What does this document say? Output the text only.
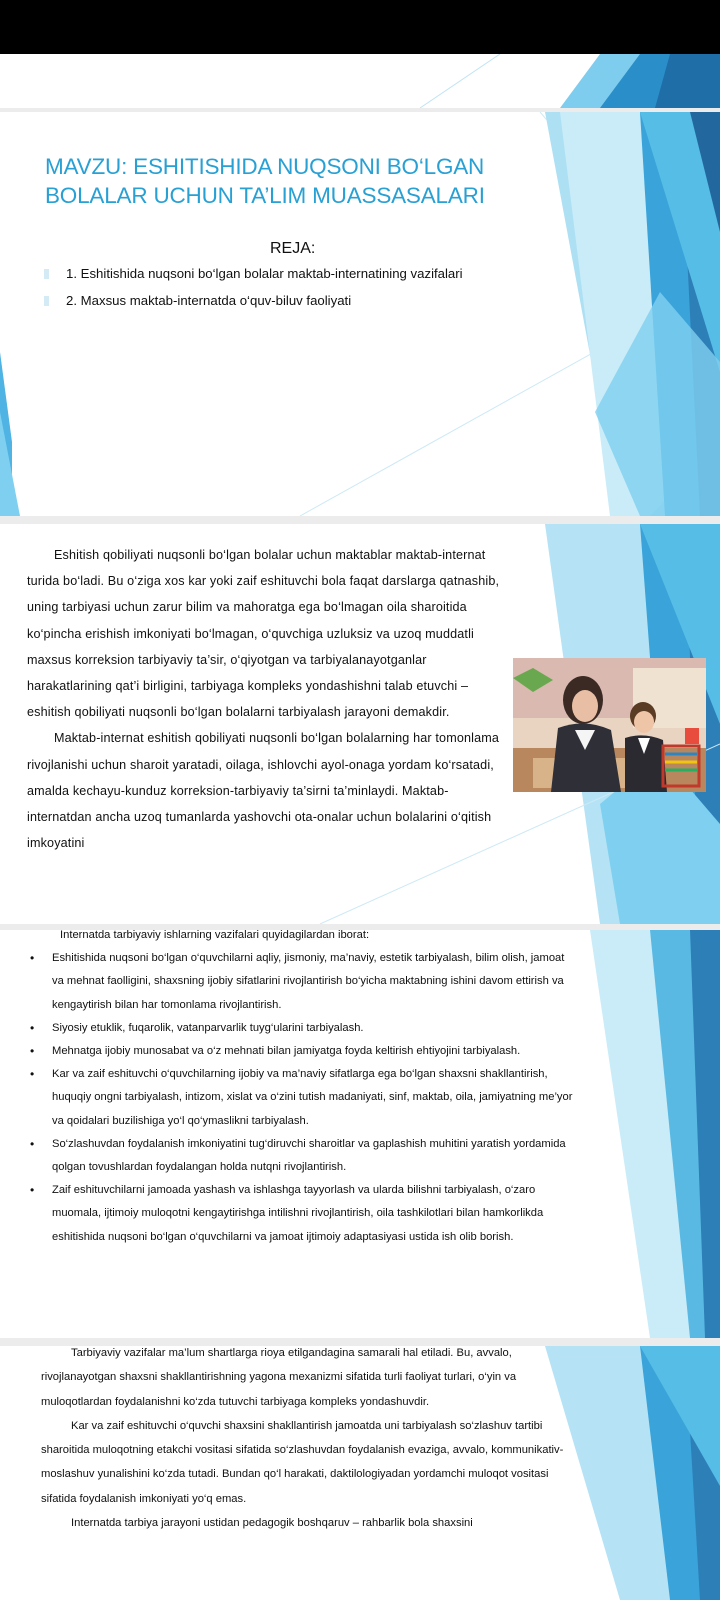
MAVZU: ESHITISHIDA NUQSONI BO‘LGAN BOLALAR UCHUN TA’LIM MUASSASALARI
REJA:
1. Eshitishida nuqsoni bo‘lgan bolalar maktab-internatining vazifalari
2. Maxsus maktab-internatda o‘quv-biluv faoliyati

Eshitish qobiliyati nuqsonli bo‘lgan bolalar uchun maktablar maktab-internat turida bo‘ladi. Bu o‘ziga xos kar yoki zaif eshituvchi bola faqat darslarga qatnashib, uning tarbiyasi uchun zarur bilim va mahoratga ega bo‘lmagan oila sharoitida ko‘pincha erishish imkoniyati bo‘lmagan, o‘quvchiga uzluksiz va uzoq muddatli maxsus korreksion tarbiyaviy ta’sir, o‘qiyotgan va tarbiyalanayotganlar harakatlarining qat’i birligini, tarbiyaga kompleks yondashishni talab etuvchi – eshitish qobiliyati nuqsonli bo‘lgan bolalarni tarbiyalash jarayoni demakdir.

Maktab-internat eshitish qobiliyati nuqsonli bo‘lgan bolalarning har tomonlama rivojlanishi uchun sharoit yaratadi, oilaga, ishlovchi ayol-onaga yordam ko‘rsatadi, amalda kechayu-kunduz korreksion-tarbiyaviy ta’sirni ta’minlaydi. Maktab-internatdan ancha uzoq tumanlarda yashovchi ota-onalar uchun bolalarini o‘qitish imkoyatini

Internatda tarbiyaviy ishlarning vazifalari quyidagilardan iborat:

• Eshitishida nuqsoni bo‘lgan o‘quvchilarni aqliy, jismoniy, ma’naviy, estetik tarbiyalash, bilim olish, jamoat va mehnat faolligini, shaxsning ijobiy sifatlarini rivojlantirish bo‘yicha maktabning ishini davom ettirish va kengaytirish bilan har tomonlama rivojlantirish.
• Siyosiy etuklik, fuqarolik, vatanparvarlik tuyg‘ularini tarbiyalash.
• Mehnatga ijobiy munosabat va o‘z mehnati bilan jamiyatga foyda keltirish ehtiyojini tarbiyalash.
• Kar va zaif eshituvchi o‘quvchilarning ijobiy va ma’naviy sifatlarga ega bo‘lgan shaxsni shakllantirish, huquqiy ongni tarbiyalash, intizom, xislat va o‘zini tutish madaniyati, sinf, maktab, oila, jamiyatning me’yor va qoidalari buzilishiga yo‘l qo‘ymaslikni tarbiyalash.
• So‘zlashuvdan foydalanish imkoniyatini tug‘diruvchi sharoitlar va gaplashish muhitini yaratish yordamida qolgan tovushlardan foydalangan holda nutqni rivojlantirish.
• Zaif eshituvchilarni jamoada yashash va ishlashga tayyorlash va ularda bilishni tarbiyalash, o‘zaro muomala, ijtimoiy muloqotni kengaytirishga intilishni rivojlantirish, oila tashkilotlari bilan hamkorlikda eshitishida nuqsoni bo‘lgan o‘quvchilarni va jamoat ijtimoiy adaptasiyasi ustida ish olib borish.

Tarbiyaviy vazifalar ma’lum shartlarga rioya etilgandagina samarali hal etiladi. Bu, avvalo, rivojlanayotgan shaxsni shakllantirishning yagona mexanizmi sifatida turli faoliyat turlari, o‘yin va muloqotlardan foydalanishni ko‘zda tutuvchi tarbiyaga kompleks yondashuvdir.

Kar va zaif eshituvchi o‘quvchi shaxsini shakllantirish jamoatda uni tarbiyalash so‘zlashuv tartibi sharoitida muloqotning etakchi vositasi sifatida so‘zlashuvdan foydalanish evaziga, avvalo, kommunikativ-moslashuv yunalishini ko‘zda tutadi. Bundan qo‘l harakati, daktilologiyadan yordamchi muloqot vositasi sifatida foydalanish imkoniyati yo‘q emas.

Internatda tarbiya jarayoni ustidan pedagogik boshqaruv – rahbarlik bola shaxsini
